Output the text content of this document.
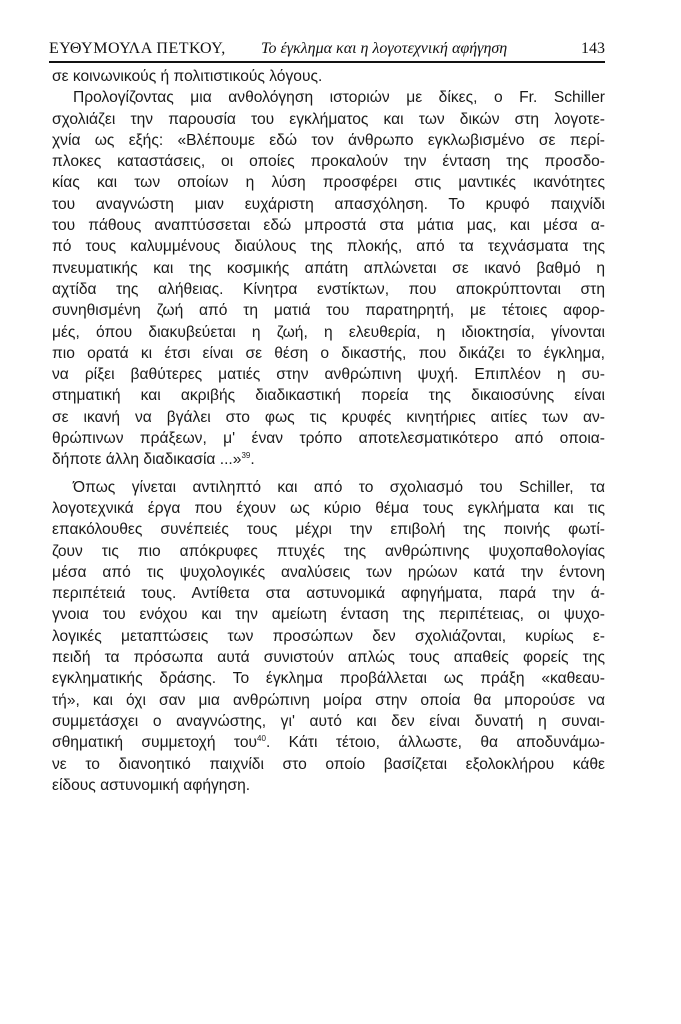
ΕΥΘΥΜΟΥΛΑ ΠΕΤΚΟΥ, Το έγκλημα και η λογοτεχνική αφήγηση	143
σε κοινωνικούς ή πολιτιστικούς λόγους.
Προλογίζοντας μια ανθολόγηση ιστοριών με δίκες, ο Fr. Schiller
σχολιάζει την παρουσία του εγκλήματος και των δικών στη λογοτε-
χνία ως εξής: «Βλέπουμε εδώ τον άνθρωπο εγκλωβισμένο σε περί-
πλοκες καταστάσεις, οι οποίες προκαλούν την ένταση της προσδο-
κίας και των οποίων η λύση προσφέρει στις μαντικές ικανότητες
του αναγνώστη μιαν ευχάριστη απασχόληση. Το κρυφό παιχνίδι
του πάθους αναπτύσσεται εδώ μπροστά στα μάτια μας, και μέσα α-
πό τους καλυμμένους διαύλους της πλοκής, από τα τεχνάσματα της
πνευματικής και της κοσμικής απάτη απλώνεται σε ικανό βαθμό η
αχτίδα της αλήθειας. Κίνητρα ενστίκτων, που αποκρύπτονται στη
συνηθισμένη ζωή από τη ματιά του παρατηρητή, με τέτοιες αφορ-
μές, όπου διακυβεύεται η ζωή, η ελευθερία, η ιδιοκτησία, γίνονται
πιο ορατά κι έτσι είναι σε θέση ο δικαστής, που δικάζει το έγκλημα,
να ρίξει βαθύτερες ματιές στην ανθρώπινη ψυχή. Επιπλέον η συ-
στηματική και ακριβής διαδικαστική πορεία της δικαιοσύνης είναι
σε ικανή να βγάλει στο φως τις κρυφές κινητήριες αιτίες των αν-
θρώπινων πράξεων, μ' έναν τρόπο αποτελεσματικότερο από οποια-
δήποτε άλλη διαδικασία ...»$^{39}$.
Όπως γίνεται αντιληπτό και από το σχολιασμό του Schiller, τα
λογοτεχνικά έργα που έχουν ως κύριο θέμα τους εγκλήματα και τις
επακόλουθες συνέπειές τους μέχρι την επιβολή της ποινής φωτί-
ζουν τις πιο απόκρυφες πτυχές της ανθρώπινης ψυχοπαθολογίας
μέσα από τις ψυχολογικές αναλύσεις των ηρώων κατά την έντονη
περιπέτειά τους. Αντίθετα στα αστυνομικά αφηγήματα, παρά την ά-
γνοια του ενόχου και την αμείωτη ένταση της περιπέτειας, οι ψυχο-
λογικές μεταπτώσεις των προσώπων δεν σχολιάζονται, κυρίως ε-
πειδή τα πρόσωπα αυτά συνιστούν απλώς τους απαθείς φορείς της
εγκληματικής δράσης. Το έγκλημα προβάλλεται ως πράξη «καθεαυ-
τή», και όχι σαν μια ανθρώπινη μοίρα στην οποία θα μπορούσε να
συμμετάσχει ο αναγνώστης, γι' αυτό και δεν είναι δυνατή η συναι-
σθηματική συμμετοχή του$^{40}$. Κάτι τέτοιο, άλλωστε, θα αποδυνάμω-
νε το διανοητικό παιχνίδι στο οποίο βασίζεται εξολοκλήρου κάθε
είδους αστυνομική αφήγηση.
